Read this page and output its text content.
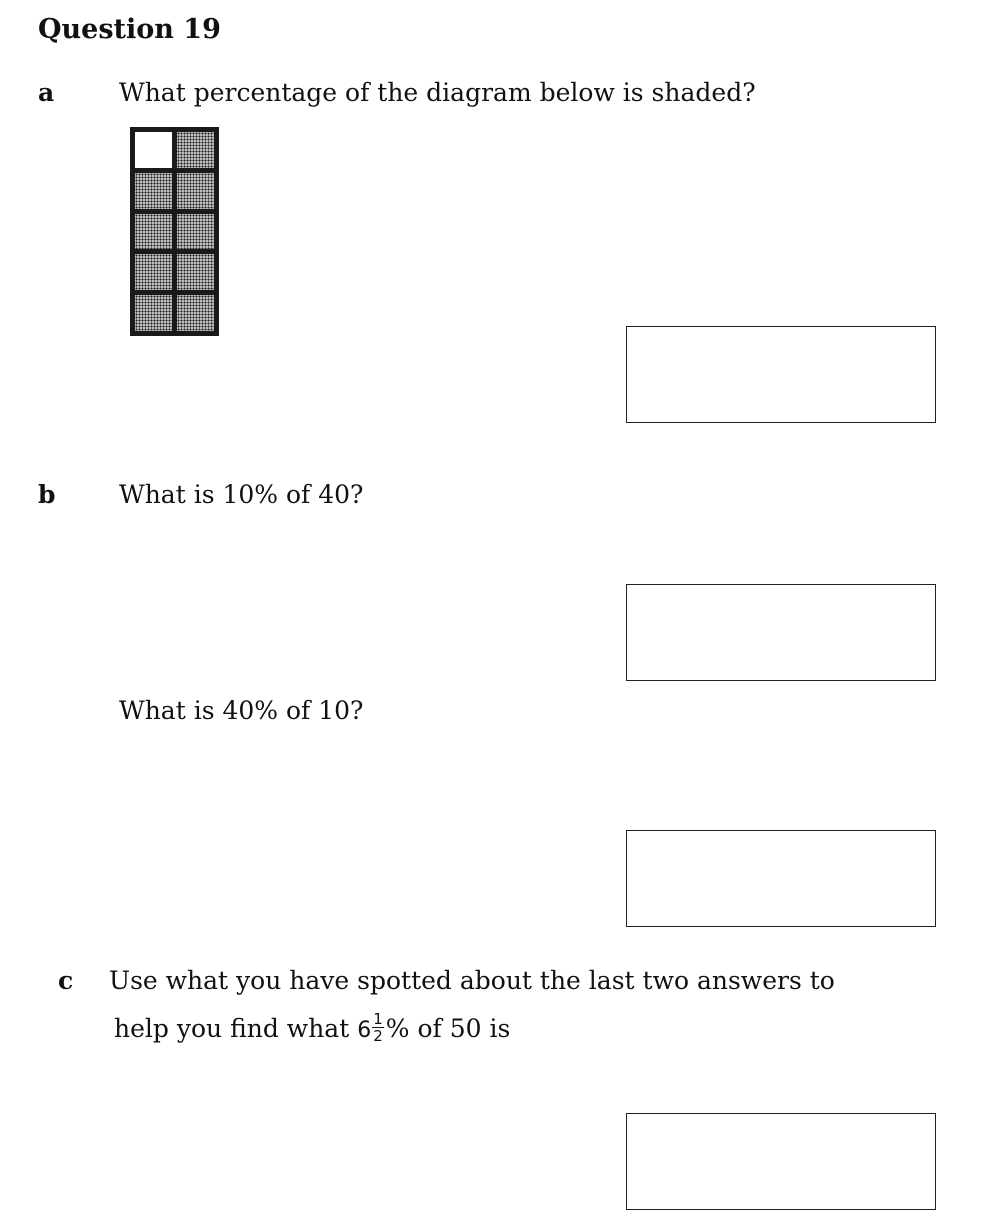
Question 19
a	What percentage of the diagram below is shaded?
b	What is 10% of 40?
What is 40% of 10?
c Use what you have spotted about the last two answers to
help you find what $6 \frac{1}{2}$ % of 50 is
